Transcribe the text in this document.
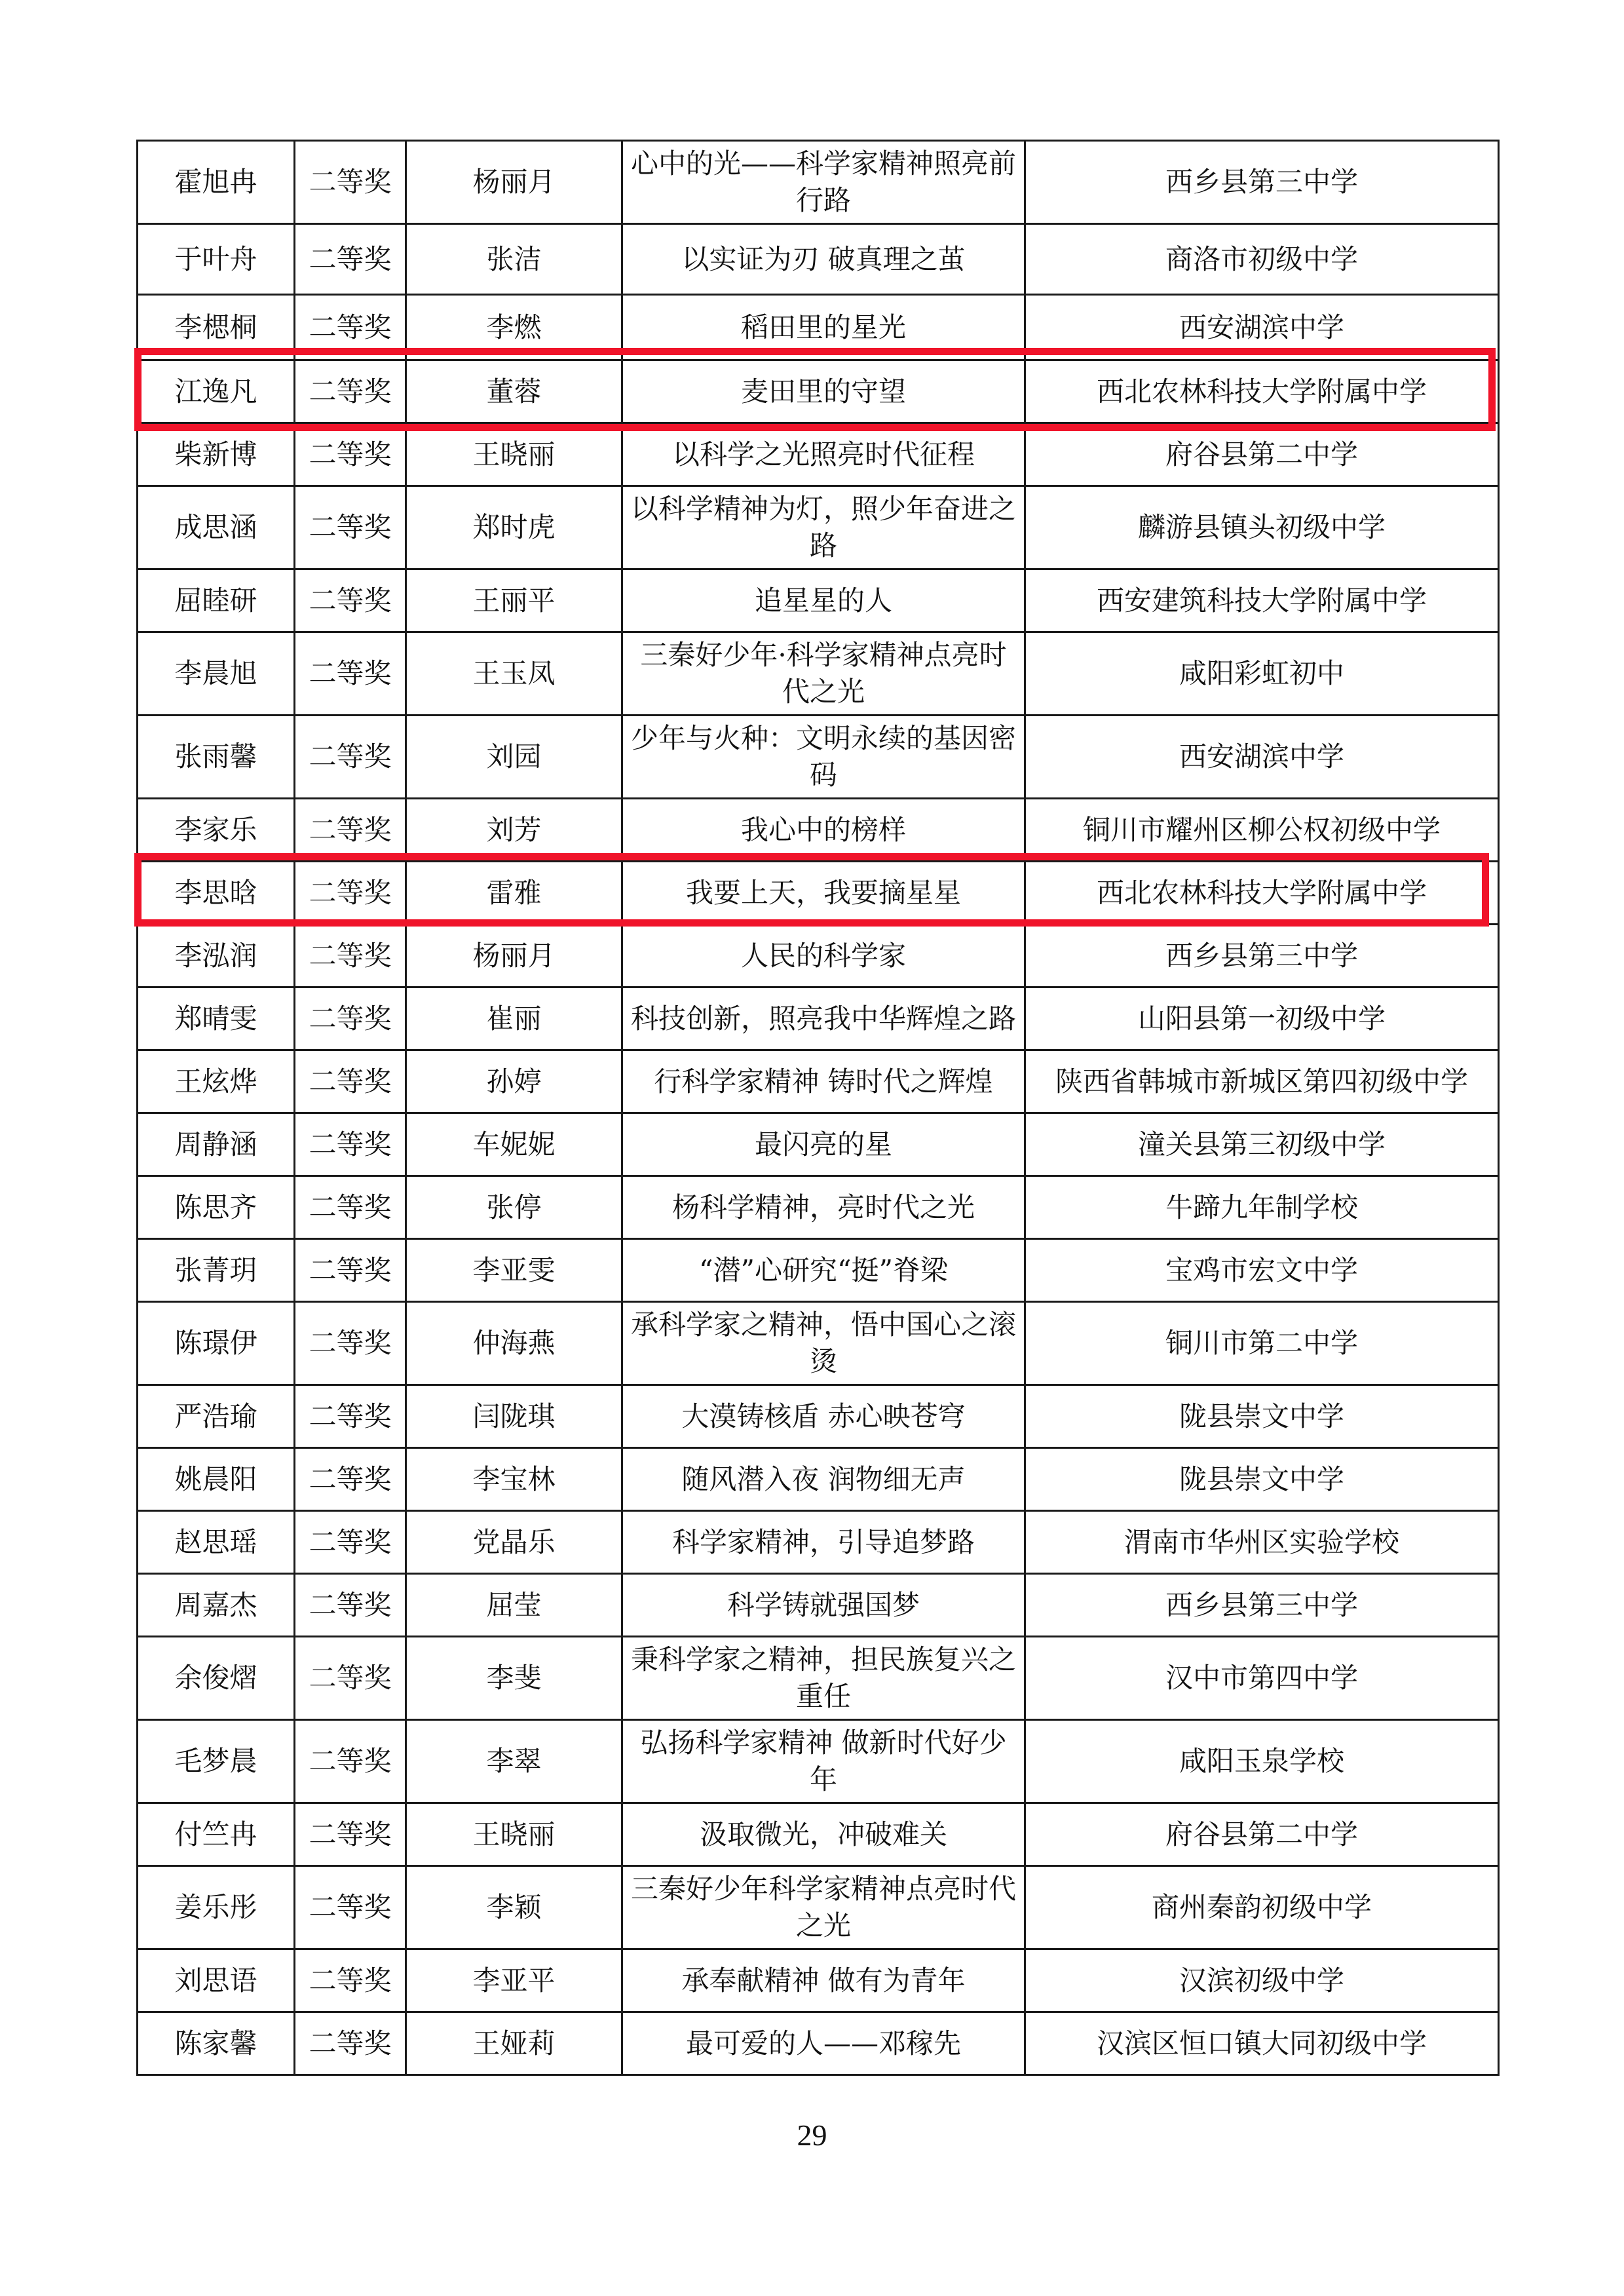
霍旭冉	二等奖	杨丽月	心中的光——科学家精神照亮前行路	西乡县第三中学
于叶舟	二等奖	张洁	以实证为刃 破真理之茧	商洛市初级中学
李楒桐	二等奖	李燃	稻田里的星光	西安湖滨中学
江逸凡	二等奖	董蓉	麦田里的守望	西北农林科技大学附属中学
柴新博	二等奖	王晓丽	以科学之光照亮时代征程	府谷县第二中学
成思涵	二等奖	郑时虎	以科学精神为灯，照少年奋进之路	麟游县镇头初级中学
屈睦研	二等奖	王丽平	追星星的人	西安建筑科技大学附属中学
李晨旭	二等奖	王玉凤	三秦好少年·科学家精神点亮时代之光	咸阳彩虹初中
张雨馨	二等奖	刘园	少年与火种：文明永续的基因密码	西安湖滨中学
李家乐	二等奖	刘芳	我心中的榜样	铜川市耀州区柳公权初级中学
李思晗	二等奖	雷雅	我要上天，我要摘星星	西北农林科技大学附属中学
李泓润	二等奖	杨丽月	人民的科学家	西乡县第三中学
郑晴雯	二等奖	崔丽	科技创新，照亮我中华辉煌之路	山阳县第一初级中学
王炫烨	二等奖	孙婷	行科学家精神 铸时代之辉煌	陕西省韩城市新城区第四初级中学
周静涵	二等奖	车妮妮	最闪亮的星	潼关县第三初级中学
陈思齐	二等奖	张停	杨科学精神，亮时代之光	牛蹄九年制学校
张菁玥	二等奖	李亚雯	“潜”心研究“挺”脊梁	宝鸡市宏文中学
陈璟伊	二等奖	仲海燕	承科学家之精神，悟中国心之滚烫	铜川市第二中学
严浩瑜	二等奖	闫陇琪	大漠铸核盾 赤心映苍穹	陇县崇文中学
姚晨阳	二等奖	李宝林	随风潜入夜 润物细无声	陇县崇文中学
赵思瑶	二等奖	党晶乐	科学家精神，引导追梦路	渭南市华州区实验学校
周嘉杰	二等奖	屈莹	科学铸就强国梦	西乡县第三中学
余俊熠	二等奖	李斐	秉科学家之精神，担民族复兴之重任	汉中市第四中学
毛梦晨	二等奖	李翠	弘扬科学家精神 做新时代好少年	咸阳玉泉学校
付竺冉	二等奖	王晓丽	汲取微光，冲破难关	府谷县第二中学
姜乐彤	二等奖	李颖	三秦好少年科学家精神点亮时代之光	商州秦韵初级中学
刘思语	二等奖	李亚平	承奉献精神 做有为青年	汉滨初级中学
陈家馨	二等奖	王娅莉	最可爱的人——邓稼先	汉滨区恒口镇大同初级中学
29
